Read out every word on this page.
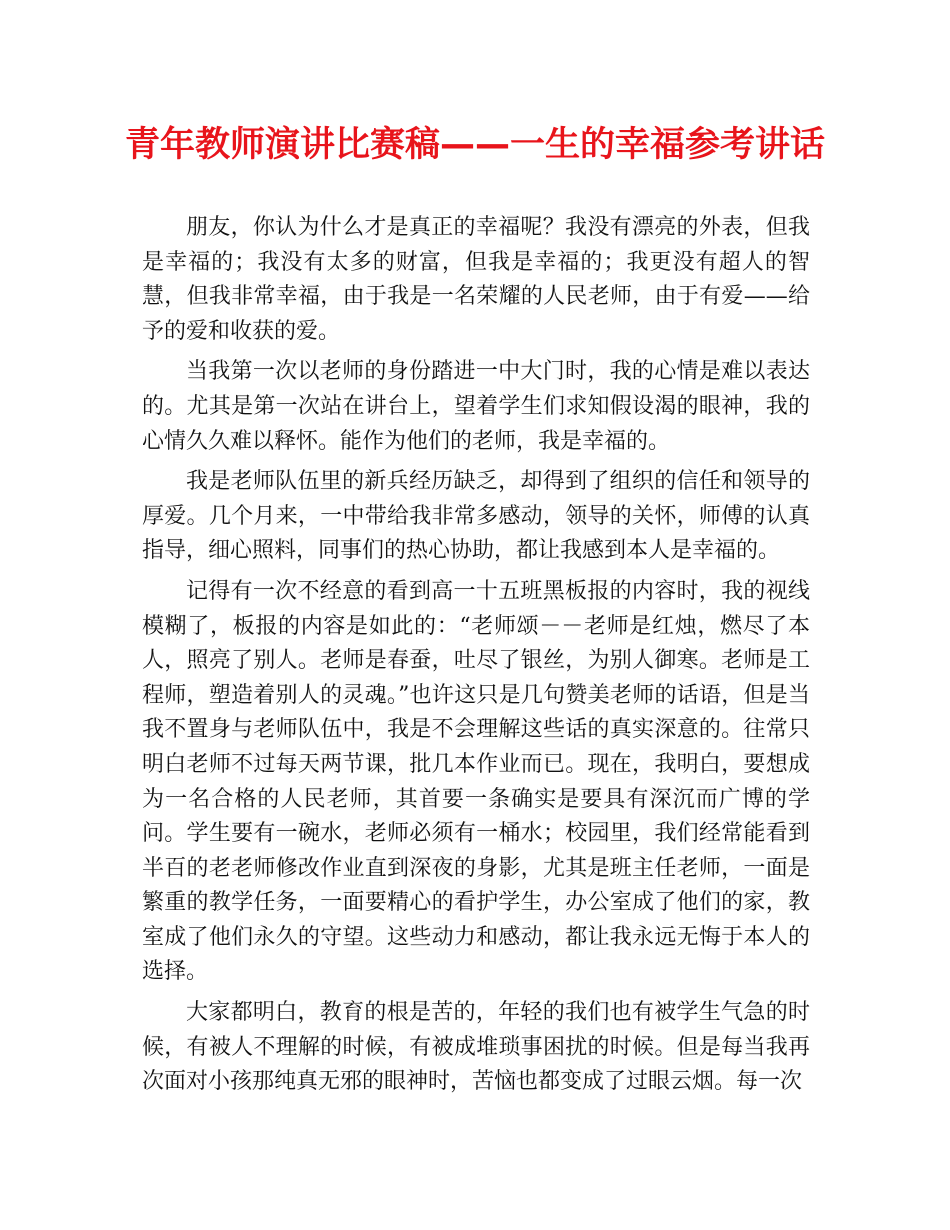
青年教师演讲比赛稿——一生的幸福参考讲话

朋友，你认为什么才是真正的幸福呢？我没有漂亮的外表，但我是幸福的；我没有太多的财富，但我是幸福的；我更没有超人的智慧，但我非常幸福，由于我是一名荣耀的人民老师，由于有爱——给予的爱和收获的爱。

当我第一次以老师的身份踏进一中大门时，我的心情是难以表达的。尤其是第一次站在讲台上，望着学生们求知假设渴的眼神，我的心情久久难以释怀。能作为他们的老师，我是幸福的。

我是老师队伍里的新兵经历缺乏，却得到了组织的信任和领导的厚爱。几个月来，一中带给我非常多感动，领导的关怀，师傅的认真指导，细心照料，同事们的热心协助，都让我感到本人是幸福的。

记得有一次不经意的看到高一十五班黑板报的内容时，我的视线模糊了，板报的内容是如此的：“老师颂－－老师是红烛，燃尽了本人，照亮了别人。老师是春蚕，吐尽了银丝，为别人御寒。老师是工程师，塑造着别人的灵魂。”也许这只是几句赞美老师的话语，但是当我不置身与老师队伍中，我是不会理解这些话的真实深意的。往常只明白老师不过每天两节课，批几本作业而已。现在，我明白，要想成为一名合格的人民老师，其首要一条确实是要具有深沉而广博的学问。学生要有一碗水，老师必须有一桶水；校园里，我们经常能看到半百的老老师修改作业直到深夜的身影，尤其是班主任老师，一面是繁重的教学任务，一面要精心的看护学生，办公室成了他们的家，教室成了他们永久的守望。这些动力和感动，都让我永远无悔于本人的选择。

大家都明白，教育的根是苦的，年轻的我们也有被学生气急的时候，有被人不理解的时候，有被成堆琐事困扰的时候。但是每当我再次面对小孩那纯真无邪的眼神时，苦恼也都变成了过眼云烟。每一次
